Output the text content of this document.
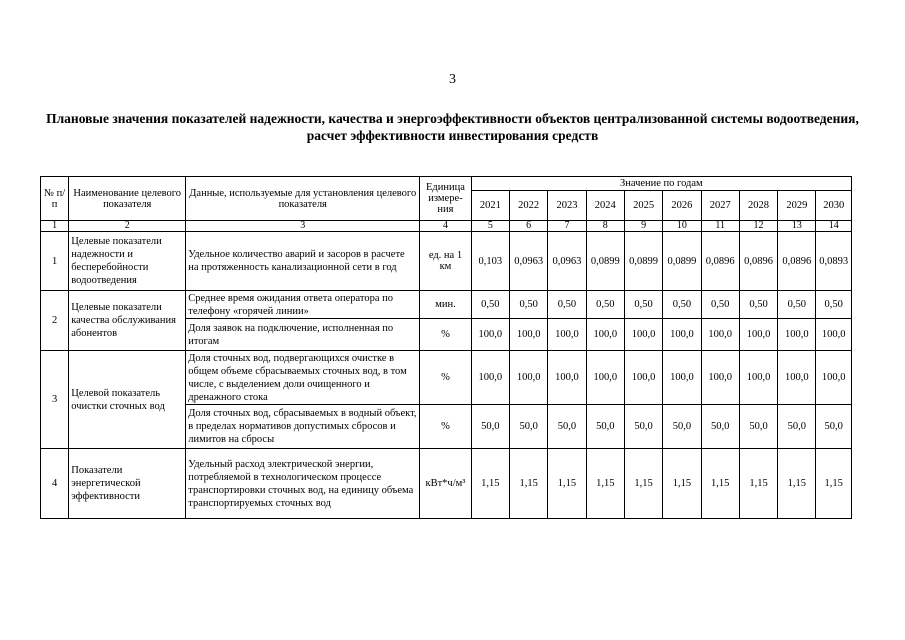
3
Плановые значения показателей надежности, качества и энергоэффективности объектов централизованной системы водоотведения, расчет эффективности инвестирования средств
№ п/п	Наименование целевого показателя	Данные, используемые для установления целевого показателя	Единица измере-ния	Значение по годам									
				2021	2022	2023	2024	2025	2026	2027	2028	2029	2030
1	2	3	4	5	6	7	8	9	10	11	12	13	14
1	Целевые показатели надежности и бесперебойности водоотведения	Удельное количество аварий и засоров в расчете на протяженность канализационной сети в год	ед. на 1 км	0,103	0,0963	0,0963	0,0899	0,0899	0,0899	0,0896	0,0896	0,0896	0,0893
2	Целевые показатели качества обслуживания абонентов	Среднее время ожидания ответа оператора по телефону «горячей линии»	мин.	0,50	0,50	0,50	0,50	0,50	0,50	0,50	0,50	0,50	0,50
		Доля заявок на подключение, исполненная по итогам	%	100,0	100,0	100,0	100,0	100,0	100,0	100,0	100,0	100,0	100,0
3	Целевой показатель очистки сточных вод	Доля сточных вод, подвергающихся очистке в общем объеме сбрасываемых сточных вод, в том числе, с выделением доли очищенного и дренажного стока	%	100,0	100,0	100,0	100,0	100,0	100,0	100,0	100,0	100,0	100,0
		Доля сточных вод, сбрасываемых в водный объект, в пределах нормативов допустимых сбросов и лимитов на сбросы	%	50,0	50,0	50,0	50,0	50,0	50,0	50,0	50,0	50,0	50,0
4	Показатели энергетической эффективности	Удельный расход электрической энергии, потребляемой в технологическом процессе транспортировки сточных вод, на единицу объема транспортируемых сточных вод	кВт*ч/м³	1,15	1,15	1,15	1,15	1,15	1,15	1,15	1,15	1,15	1,15
